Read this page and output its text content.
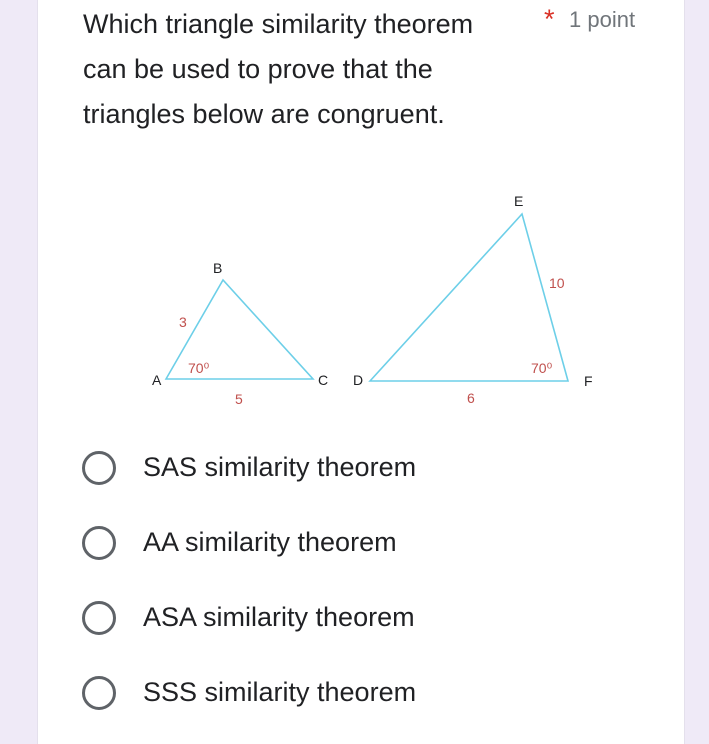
Which triangle similarity theorem
can be used to prove that the
triangles below are congruent.
* 1 point
A
B
C D
E
F
3
5	6
10
70⁰	70⁰
SAS similarity theorem
AA similarity theorem
ASA similarity theorem
SSS similarity theorem
